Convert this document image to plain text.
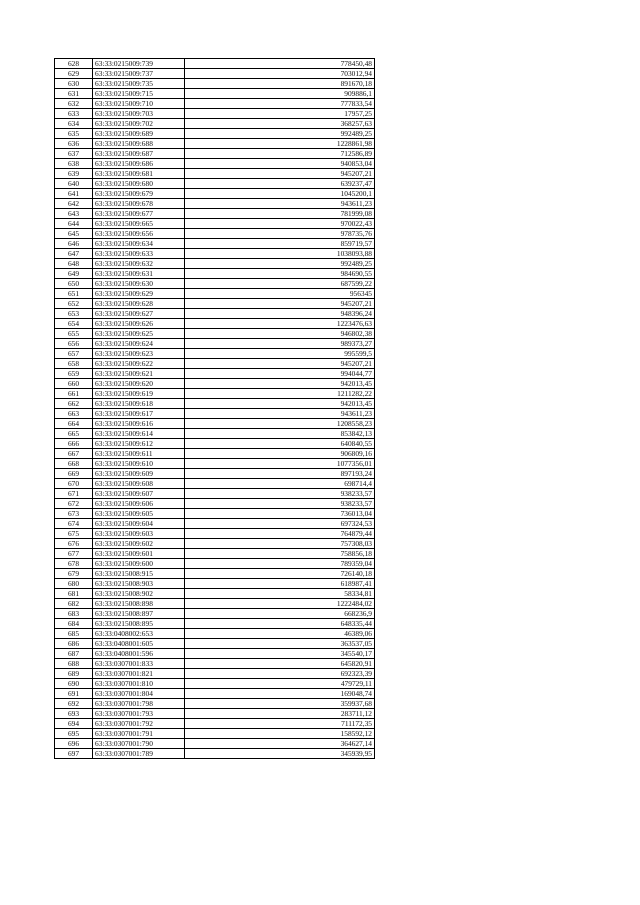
628	63:33:0215009:739	778450,48
629	63:33:0215009:737	703012,94
630	63:33:0215009:735	891670,18
631	63:33:0215009:715	909886,1
632	63:33:0215009:710	777833,54
633	63:33:0215009:703	17957,25
634	63:33:0215009:702	368257,63
635	63:33:0215009:689	992489,25
636	63:33:0215009:688	1228861,98
637	63:33:0215009:687	712586,89
638	63:33:0215009:686	940853,04
639	63:33:0215009:681	945207,21
640	63:33:0215009:680	639237,47
641	63:33:0215009:679	1045200,1
642	63:33:0215009:678	943611,23
643	63:33:0215009:677	781999,08
644	63:33:0215009:665	970022,43
645	63:33:0215009:656	978735,76
646	63:33:0215009:634	859719,57
647	63:33:0215009:633	1038093,88
648	63:33:0215009:632	992489,25
649	63:33:0215009:631	984690,55
650	63:33:0215009:630	687599,22
651	63:33:0215009:629	956345
652	63:33:0215009:628	945207,21
653	63:33:0215009:627	948396,24
654	63:33:0215009:626	1223476,63
655	63:33:0215009:625	946802,38
656	63:33:0215009:624	989373,27
657	63:33:0215009:623	995599,5
658	63:33:0215009:622	945207,21
659	63:33:0215009:621	994044,77
660	63:33:0215009:620	942013,45
661	63:33:0215009:619	1211282,22
662	63:33:0215009:618	942013,45
663	63:33:0215009:617	943611,23
664	63:33:0215009:616	1208558,23
665	63:33:0215009:614	853842,13
666	63:33:0215009:612	640840,55
667	63:33:0215009:611	906809,16
668	63:33:0215009:610	1077356,01
669	63:33:0215009:609	897193,24
670	63:33:0215009:608	698714,4
671	63:33:0215009:607	938233,57
672	63:33:0215009:606	938233,57
673	63:33:0215009:605	736013,04
674	63:33:0215009:604	697324,53
675	63:33:0215009:603	764879,44
676	63:33:0215009:602	757308,03
677	63:33:0215009:601	758856,18
678	63:33:0215009:600	789359,04
679	63:33:0215008:915	726140,18
680	63:33:0215008:903	618987,41
681	63:33:0215008:902	58334,81
682	63:33:0215008:898	1222484,02
683	63:33:0215008:897	668236,9
684	63:33:0215008:895	648335,44
685	63:33:0408002:653	46389,06
686	63:33:0408001:605	363537,05
687	63:33:0408001:596	345540,17
688	63:33:0307001:833	645820,91
689	63:33:0307001:821	692323,39
690	63:33:0307001:810	479729,11
691	63:33:0307001:804	169048,74
692	63:33:0307001:798	359937,68
693	63:33:0307001:793	283711,12
694	63:33:0307001:792	711172,35
695	63:33:0307001:791	158592,12
696	63:33:0307001:790	364627,14
697	63:33:0307001:789	345939,95
